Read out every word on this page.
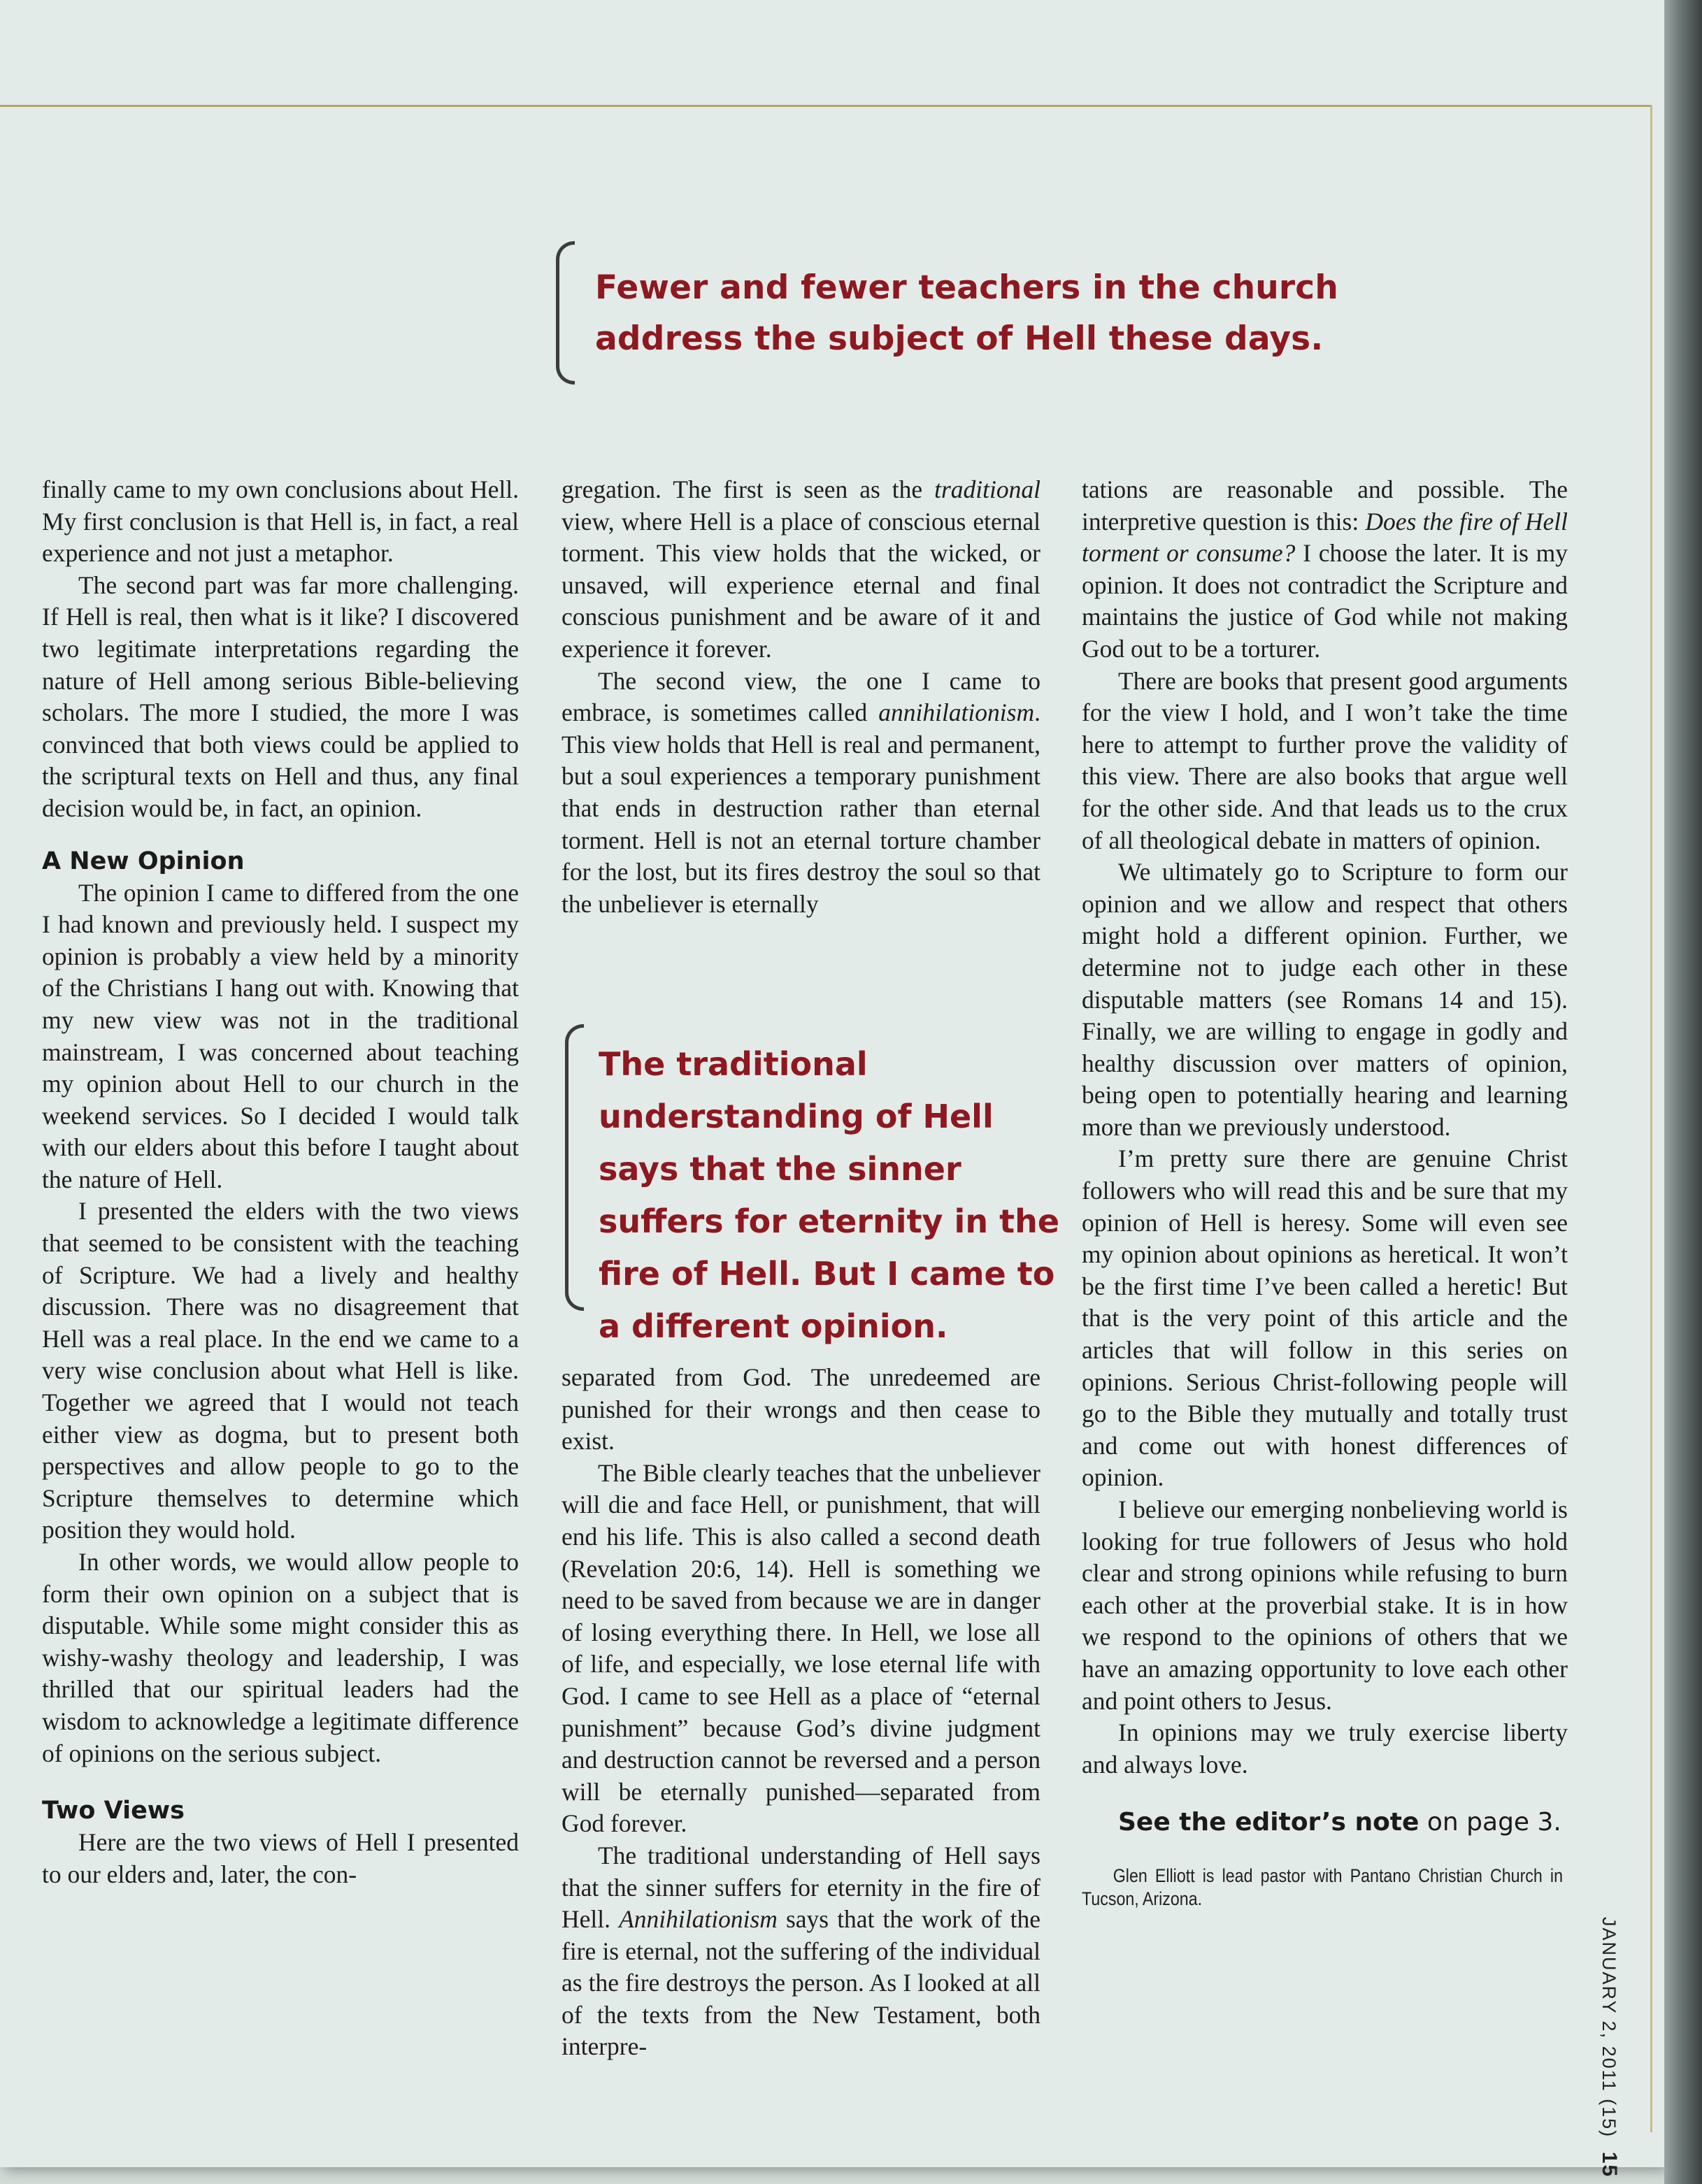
Fewer and fewer teachers in the church address the subject of Hell these days.

finally came to my own conclusions about Hell. My first conclusion is that Hell is, in fact, a real experience and not just a metaphor.

The second part was far more challenging. If Hell is real, then what is it like? I discovered two legitimate interpretations regarding the nature of Hell among serious Bible-believing scholars. The more I studied, the more I was convinced that both views could be applied to the scriptural texts on Hell and thus, any final decision would be, in fact, an opinion.

A New Opinion

The opinion I came to differed from the one I had known and previously held. I suspect my opinion is probably a view held by a minority of the Christians I hang out with. Knowing that my new view was not in the traditional mainstream, I was concerned about teaching my opinion about Hell to our church in the weekend services. So I decided I would talk with our elders about this before I taught about the nature of Hell.

I presented the elders with the two views that seemed to be consistent with the teaching of Scripture. We had a lively and healthy discussion. There was no disagreement that Hell was a real place. In the end we came to a very wise conclusion about what Hell is like. Together we agreed that I would not teach either view as dogma, but to present both perspectives and allow people to go to the Scripture themselves to determine which position they would hold.

In other words, we would allow people to form their own opinion on a subject that is disputable. While some might consider this as wishy-washy theology and leadership, I was thrilled that our spiritual leaders had the wisdom to acknowledge a legitimate difference of opinions on the serious subject.

Two Views

Here are the two views of Hell I presented to our elders and, later, the con-

gregation. The first is seen as the traditional view, where Hell is a place of conscious eternal torment. This view holds that the wicked, or unsaved, will experience eternal and final conscious punishment and be aware of it and experience it forever.

The second view, the one I came to embrace, is sometimes called annihilationism. This view holds that Hell is real and permanent, but a soul experiences a temporary punishment that ends in destruction rather than eternal torment. Hell is not an eternal torture chamber for the lost, but its fires destroy the soul so that the unbeliever is eternally

The traditional understanding of Hell says that the sinner suffers for eternity in the fire of Hell. But I came to a different opinion.

separated from God. The unredeemed are punished for their wrongs and then cease to exist.

The Bible clearly teaches that the unbeliever will die and face Hell, or punishment, that will end his life. This is also called a second death (Revelation 20:6, 14). Hell is something we need to be saved from because we are in danger of losing everything there. In Hell, we lose all of life, and especially, we lose eternal life with God. I came to see Hell as a place of “eternal punishment” because God’s divine judgment and destruction cannot be reversed and a person will be eternally punished—separated from God forever.

The traditional understanding of Hell says that the sinner suffers for eternity in the fire of Hell. Annihilationism says that the work of the fire is eternal, not the suffering of the individual as the fire destroys the person. As I looked at all of the texts from the New Testament, both interpre-

tations are reasonable and possible. The interpretive question is this: Does the fire of Hell torment or consume? I choose the later. It is my opinion. It does not contradict the Scripture and maintains the justice of God while not making God out to be a torturer.

There are books that present good arguments for the view I hold, and I won’t take the time here to attempt to further prove the validity of this view. There are also books that argue well for the other side. And that leads us to the crux of all theological debate in matters of opinion.

We ultimately go to Scripture to form our opinion and we allow and respect that others might hold a different opinion. Further, we determine not to judge each other in these disputable matters (see Romans 14 and 15). Finally, we are willing to engage in godly and healthy discussion over matters of opinion, being open to potentially hearing and learning more than we previously understood.

I’m pretty sure there are genuine Christ followers who will read this and be sure that my opinion of Hell is heresy. Some will even see my opinion about opinions as heretical. It won’t be the first time I’ve been called a heretic! But that is the very point of this article and the articles that will follow in this series on opinions. Serious Christ-following people will go to the Bible they mutually and totally trust and come out with honest differences of opinion.

I believe our emerging nonbelieving world is looking for true followers of Jesus who hold clear and strong opinions while refusing to burn each other at the proverbial stake. It is in how we respond to the opinions of others that we have an amazing opportunity to love each other and point others to Jesus.

In opinions may we truly exercise liberty and always love.

See the editor’s note on page 3.

Glen Elliott is lead pastor with Pantano Christian Church in Tucson, Arizona.

JANUARY 2, 2011 (15) 15
